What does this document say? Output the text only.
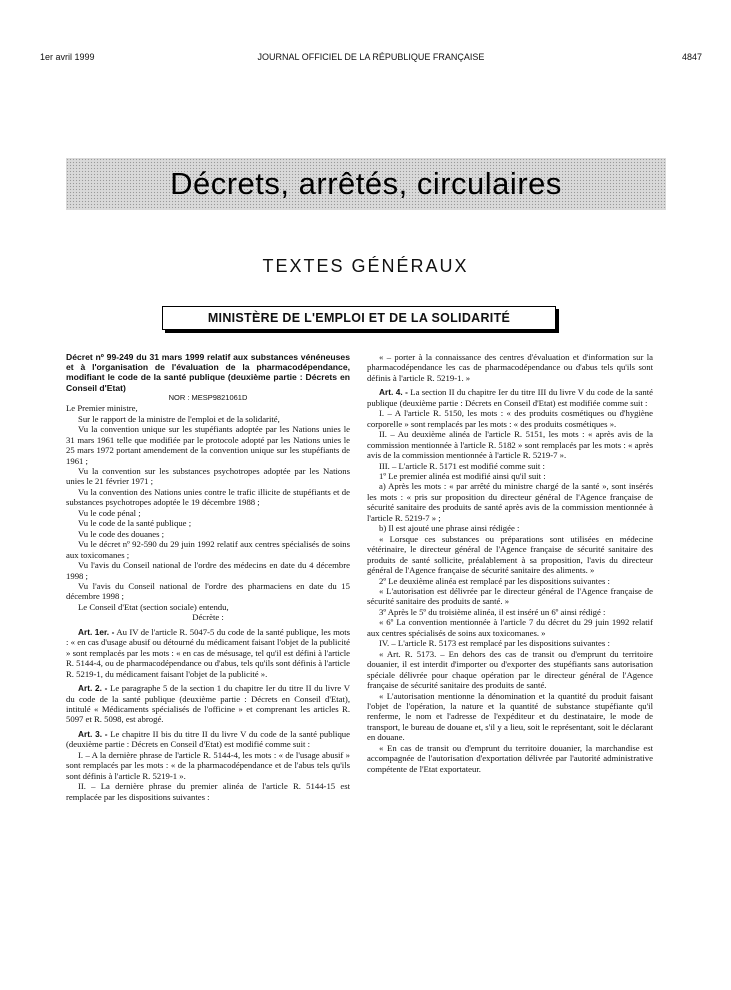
1er avril 1999	JOURNAL OFFICIEL DE LA RÉPUBLIQUE FRANÇAISE	4847
Décrets, arrêtés, circulaires
TEXTES GÉNÉRAUX
MINISTÈRE DE L'EMPLOI ET DE LA SOLIDARITÉ

Décret nº 99-249 du 31 mars 1999 relatif aux substances vénéneuses et à l'organisation de l'évaluation de la pharmacodépendance, modifiant le code de la santé publique (deuxième partie : Décrets en Conseil d'Etat)

NOR : MESP9821061D

Le Premier ministre,

Sur le rapport de la ministre de l'emploi et de la solidarité,

Vu la convention unique sur les stupéfiants adoptée par les Nations unies le 31 mars 1961 telle que modifiée par le protocole adopté par les Nations unies le 25 mars 1972 portant amendement de la convention unique sur les stupéfiants de 1961 ;

Vu la convention sur les substances psychotropes adoptée par les Nations unies le 21 février 1971 ;

Vu la convention des Nations unies contre le trafic illicite de stupéfiants et de substances psychotropes adoptée le 19 décembre 1988 ;

Vu le code pénal ;

Vu le code de la santé publique ;

Vu le code des douanes ;

Vu le décret nº 92-590 du 29 juin 1992 relatif aux centres spécialisés de soins aux toxicomanes ;

Vu l'avis du Conseil national de l'ordre des médecins en date du 4 décembre 1998 ;

Vu l'avis du Conseil national de l'ordre des pharmaciens en date du 15 décembre 1998 ;

Le Conseil d'Etat (section sociale) entendu,

Décrète :

Art. 1er. - Au IV de l'article R. 5047-5 du code de la santé publique, les mots : « en cas d'usage abusif ou détourné du médicament faisant l'objet de la publicité » sont remplacés par les mots : « en cas de mésusage, tel qu'il est défini à l'article R. 5144-4, ou de pharmacodépendance ou d'abus, tels qu'ils sont définis à l'article R. 5219-1, du médicament faisant l'objet de la publicité ».

Art. 2. - Le paragraphe 5 de la section 1 du chapitre Ier du titre II du livre V du code de la santé publique (deuxième partie : Décrets en Conseil d'Etat), intitulé « Médicaments spécialisés de l'officine » et comprenant les articles R. 5097 et R. 5098, est abrogé.

Art. 3. - Le chapitre II bis du titre II du livre V du code de la santé publique (deuxième partie : Décrets en Conseil d'Etat) est modifié comme suit :

I. – A la dernière phrase de l'article R. 5144-4, les mots : « de l'usage abusif » sont remplacés par les mots : « de la pharmacodépendance et de l'abus tels qu'ils sont définis à l'article R. 5219-1 ».

II. – La dernière phrase du premier alinéa de l'article R. 5144-15 est remplacée par les dispositions suivantes :

« – porter à la connaissance des centres d'évaluation et d'information sur la pharmacodépendance les cas de pharmacodépendance ou d'abus tels qu'ils sont définis à l'article R. 5219-1. »

Art. 4. - La section II du chapitre Ier du titre III du livre V du code de la santé publique (deuxième partie : Décrets en Conseil d'Etat) est modifiée comme suit :

I. – A l'article R. 5150, les mots : « des produits cosmétiques ou d'hygiène corporelle » sont remplacés par les mots : « des produits cosmétiques ».

II. – Au deuxième alinéa de l'article R. 5151, les mots : « après avis de la commission mentionnée à l'article R. 5182 » sont remplacés par les mots : « après avis de la commission mentionnée à l'article R. 5219-7 ».

III. – L'article R. 5171 est modifié comme suit :

1º Le premier alinéa est modifié ainsi qu'il suit :

a) Après les mots : « par arrêté du ministre chargé de la santé », sont insérés les mots : « pris sur proposition du directeur général de l'Agence française de sécurité sanitaire des produits de santé après avis de la commission mentionnée à l'article R. 5219-7 » ;

b) Il est ajouté une phrase ainsi rédigée :

« Lorsque ces substances ou préparations sont utilisées en médecine vétérinaire, le directeur général de l'Agence française de sécurité sanitaire des produits de santé sollicite, préalablement à sa proposition, l'avis du directeur général de l'Agence française de sécurité sanitaire des aliments. »

2º Le deuxième alinéa est remplacé par les dispositions suivantes :

« L'autorisation est délivrée par le directeur général de l'Agence française de sécurité sanitaire des produits de santé. »

3º Après le 5º du troisième alinéa, il est inséré un 6º ainsi rédigé :

« 6º La convention mentionnée à l'article 7 du décret du 29 juin 1992 relatif aux centres spécialisés de soins aux toxicomanes. »

IV. – L'article R. 5173 est remplacé par les dispositions suivantes :

« Art. R. 5173. – En dehors des cas de transit ou d'emprunt du territoire douanier, il est interdit d'importer ou d'exporter des stupéfiants sans autorisation spéciale délivrée pour chaque opération par le directeur général de l'Agence française de sécurité sanitaire des produits de santé.

« L'autorisation mentionne la dénomination et la quantité du produit faisant l'objet de l'opération, la nature et la quantité de substance stupéfiante qu'il renferme, le nom et l'adresse de l'expéditeur et du destinataire, le mode de transport, le bureau de douane et, s'il y a lieu, soit le représentant, soit le déclarant en douane.

« En cas de transit ou d'emprunt du territoire douanier, la marchandise est accompagnée de l'autorisation d'exportation délivrée par l'autorité administrative compétente de l'Etat exportateur.
